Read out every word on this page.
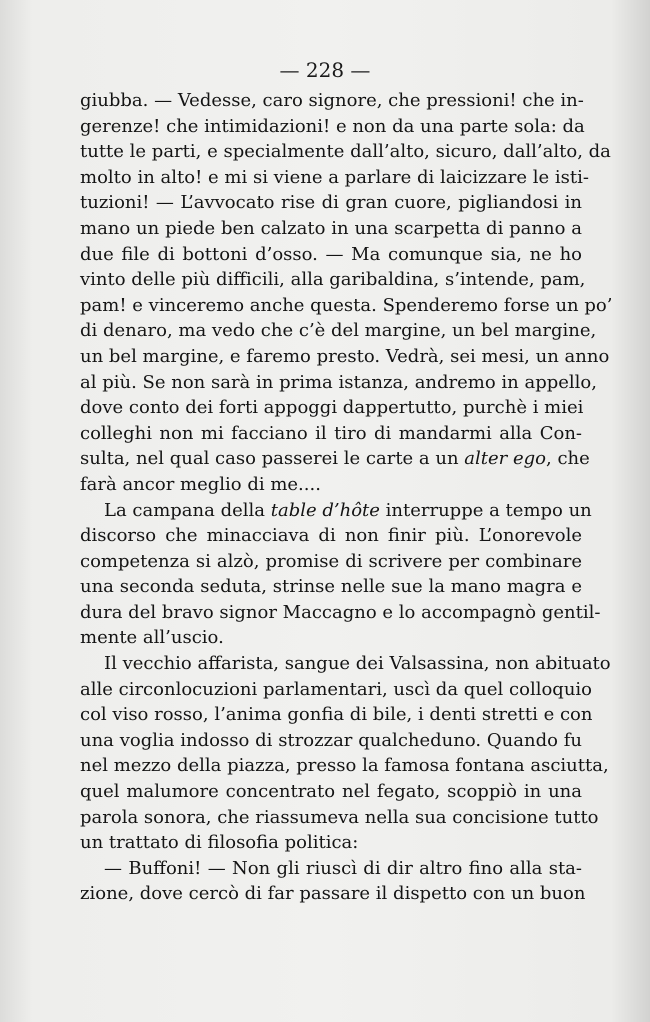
— 228 —
giubba. — Vedesse, caro signore, che pressioni! che in-
gerenze! che intimidazioni! e non da una parte sola: da
tutte le parti, e specialmente dall’alto, sicuro, dall’alto, da
molto in alto! e mi si viene a parlare di laicizzare le isti-
tuzioni! — L’avvocato rise di gran cuore, pigliandosi in
mano un piede ben calzato in una scarpetta di panno a
due file di bottoni d’osso. — Ma comunque sia, ne ho
vinto delle più difficili, alla garibaldina, s’intende, pam,
pam! e vinceremo anche questa. Spenderemo forse un po’
di denaro, ma vedo che c’è del margine, un bel margine,
un bel margine, e faremo presto. Vedrà, sei mesi, un anno
al più. Se non sarà in prima istanza, andremo in appello,
dove conto dei forti appoggi dappertutto, purchè i miei
colleghi non mi facciano il tiro di mandarmi alla Con-
sulta, nel qual caso passerei le carte a un alter ego, che
farà ancor meglio di me....
La campana della table d’hôte interruppe a tempo un
discorso che minacciava di non finir più. L’onorevole
competenza si alzò, promise di scrivere per combinare
una seconda seduta, strinse nelle sue la mano magra e
dura del bravo signor Maccagno e lo accompagnò gentil-
mente all’uscio.
Il vecchio affarista, sangue dei Valsassina, non abituato
alle circonlocuzioni parlamentari, uscì da quel colloquio
col viso rosso, l’anima gonfia di bile, i denti stretti e con
una voglia indosso di strozzar qualcheduno. Quando fu
nel mezzo della piazza, presso la famosa fontana asciutta,
quel malumore concentrato nel fegato, scoppiò in una
parola sonora, che riassumeva nella sua concisione tutto
un trattato di filosofia politica:
— Buffoni! — Non gli riuscì di dir altro fino alla sta-
zione, dove cercò di far passare il dispetto con un buon
